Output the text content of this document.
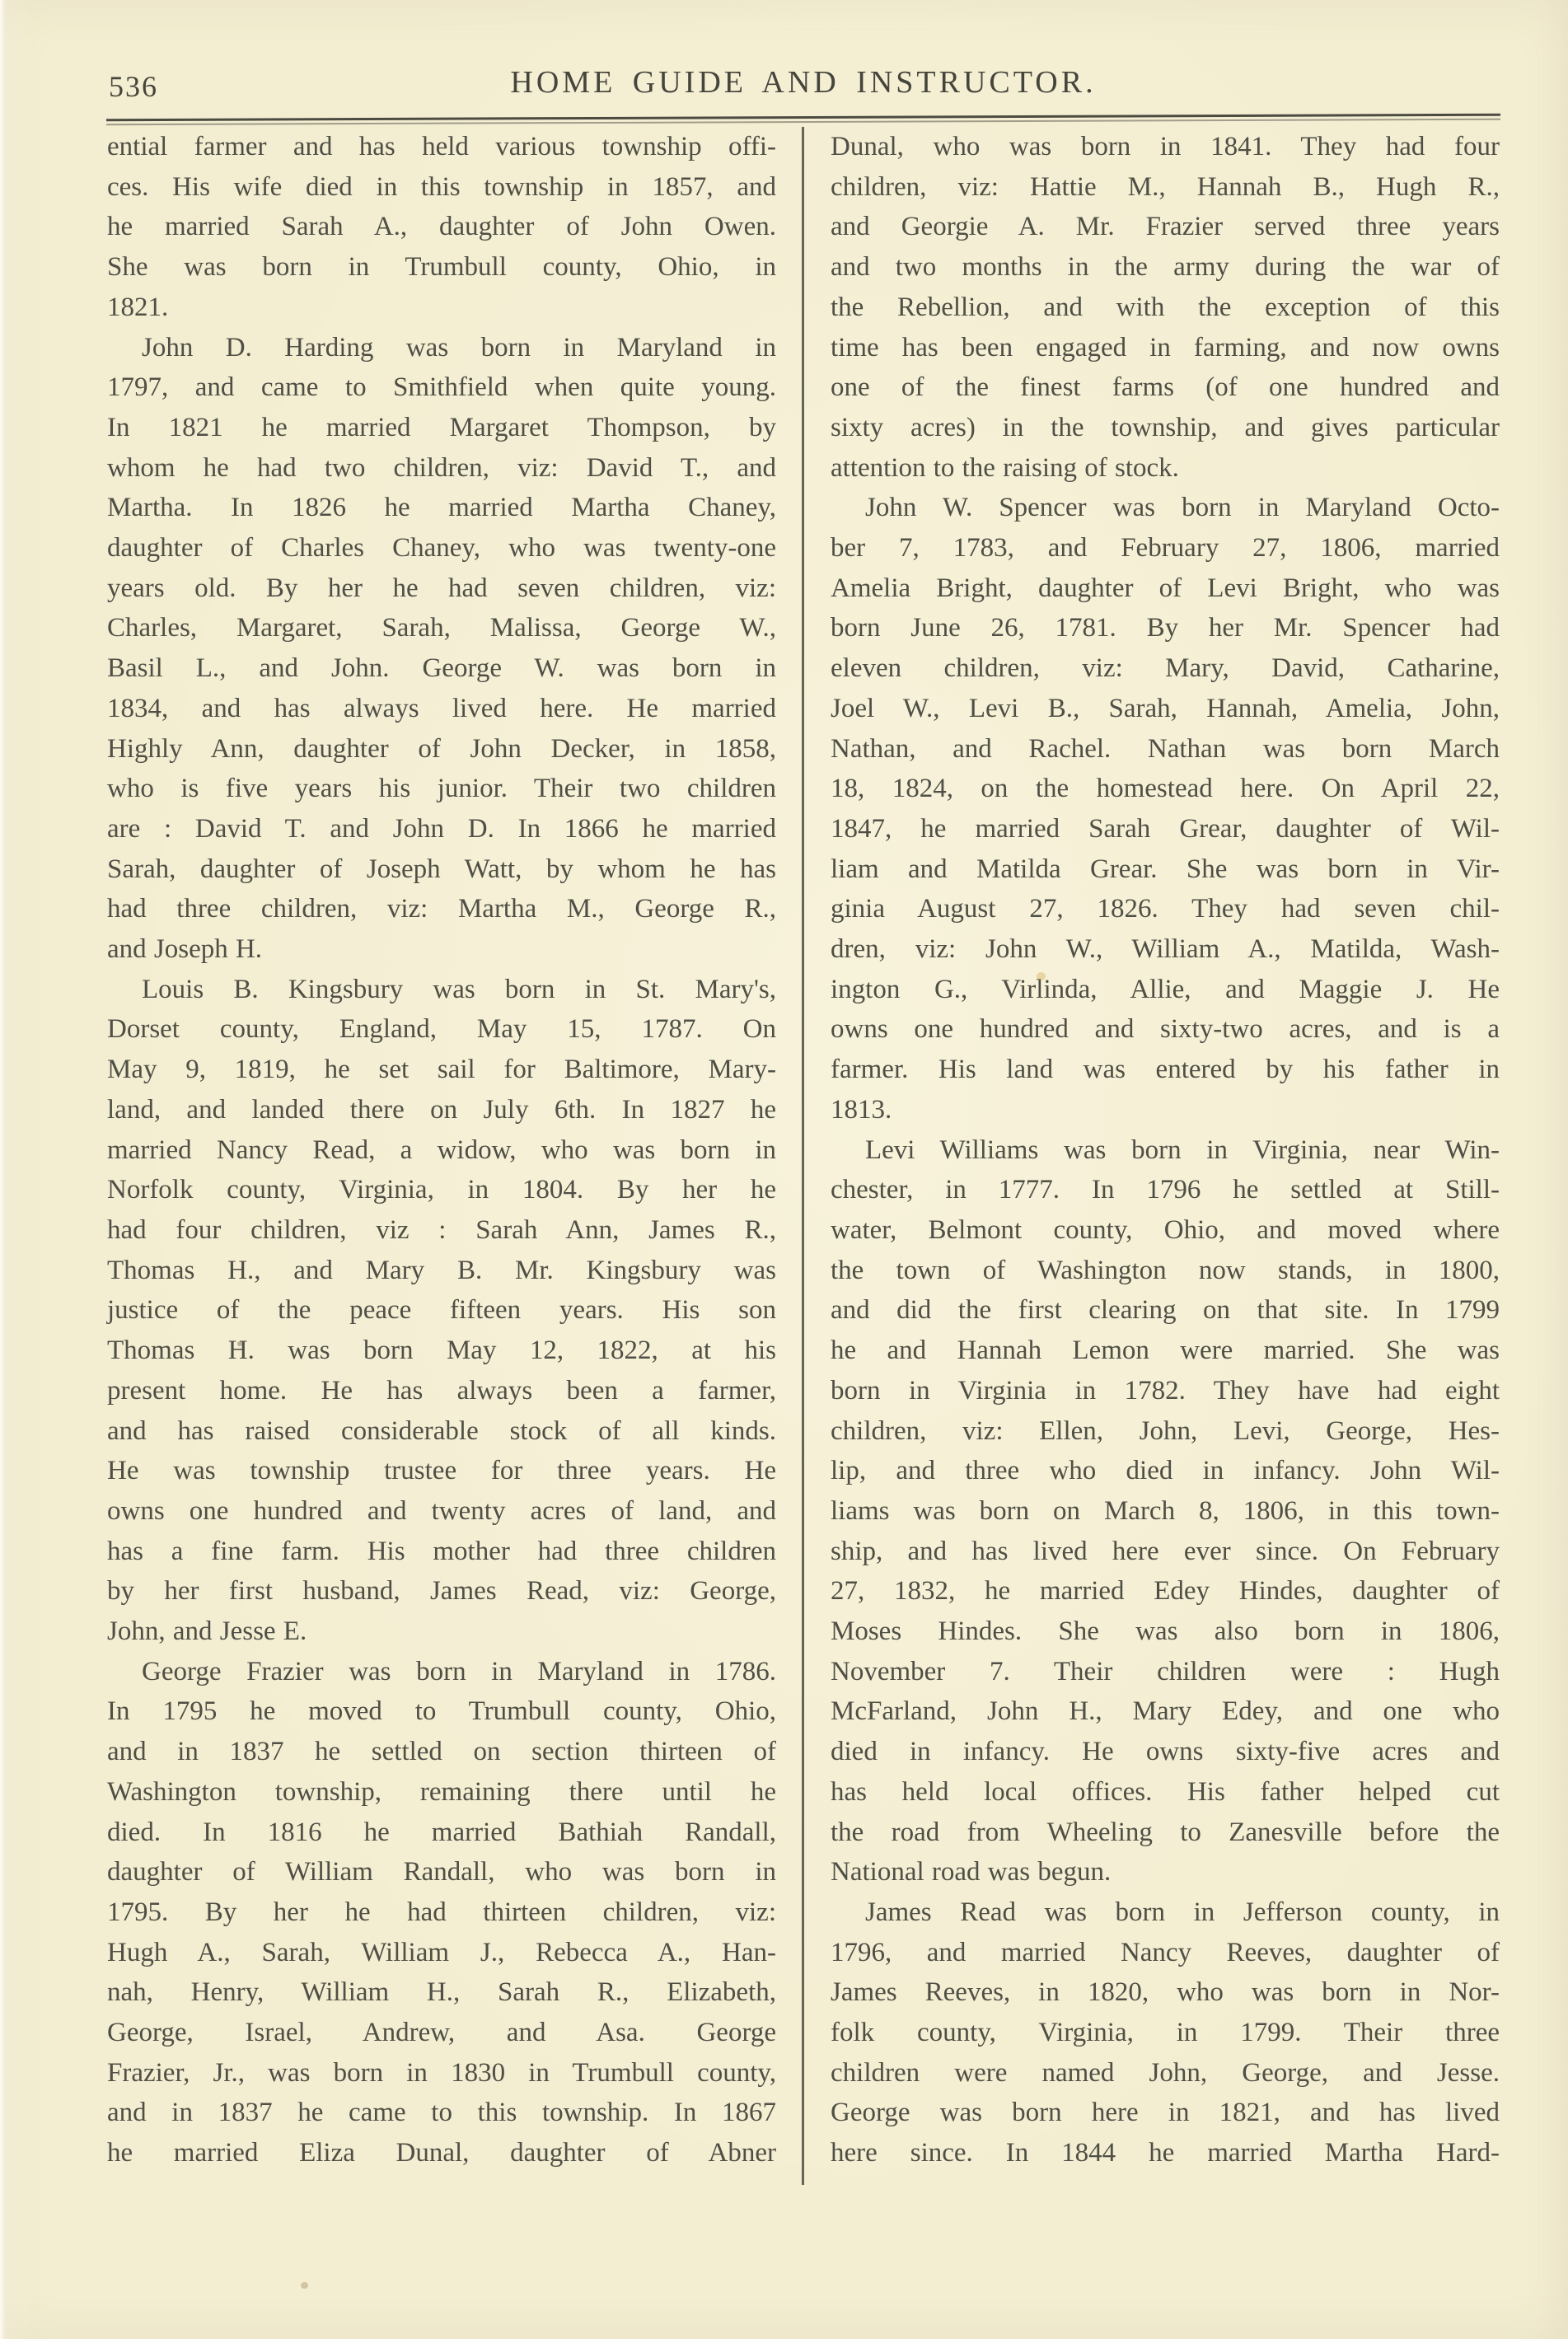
536	HOME GUIDE AND INSTRUCTOR.
ential farmer and has held various township offi-
ces. His wife died in this township in 1857, and
he married Sarah A., daughter of John Owen.
She was born in Trumbull county, Ohio, in
1821.
John D. Harding was born in Maryland in
1797, and came to Smithfield when quite young.
In 1821 he married Margaret Thompson, by
whom he had two children, viz: David T., and
Martha. In 1826 he married Martha Chaney,
daughter of Charles Chaney, who was twenty-one
years old. By her he had seven children, viz:
Charles, Margaret, Sarah, Malissa, George W.,
Basil L., and John. George W. was born in
1834, and has always lived here. He married
Highly Ann, daughter of John Decker, in 1858,
who is five years his junior. Their two children
are : David T. and John D. In 1866 he married
Sarah, daughter of Joseph Watt, by whom he has
had three children, viz: Martha M., George R.,
and Joseph H.
Louis B. Kingsbury was born in St. Mary's,
Dorset county, England, May 15, 1787. On
May 9, 1819, he set sail for Baltimore, Mary-
land, and landed there on July 6th. In 1827 he
married Nancy Read, a widow, who was born in
Norfolk county, Virginia, in 1804. By her he
had four children, viz : Sarah Ann, James R.,
Thomas H., and Mary B. Mr. Kingsbury was
justice of the peace fifteen years. His son
Thomas H. was born May 12, 1822, at his
present home. He has always been a farmer,
and has raised considerable stock of all kinds.
He was township trustee for three years. He
owns one hundred and twenty acres of land, and
has a fine farm. His mother had three children
by her first husband, James Read, viz: George,
John, and Jesse E.
George Frazier was born in Maryland in 1786.
In 1795 he moved to Trumbull county, Ohio,
and in 1837 he settled on section thirteen of
Washington township, remaining there until he
died. In 1816 he married Bathiah Randall,
daughter of William Randall, who was born in
1795. By her he had thirteen children, viz:
Hugh A., Sarah, William J., Rebecca A., Han-
nah, Henry, William H., Sarah R., Elizabeth,
George, Israel, Andrew, and Asa. George
Frazier, Jr., was born in 1830 in Trumbull county,
and in 1837 he came to this township. In 1867
he married Eliza Dunal, daughter of Abner
Dunal, who was born in 1841. They had four
children, viz: Hattie M., Hannah B., Hugh R.,
and Georgie A. Mr. Frazier served three years
and two months in the army during the war of
the Rebellion, and with the exception of this
time has been engaged in farming, and now owns
one of the finest farms (of one hundred and
sixty acres) in the township, and gives particular
attention to the raising of stock.
John W. Spencer was born in Maryland Octo-
ber 7, 1783, and February 27, 1806, married
Amelia Bright, daughter of Levi Bright, who was
born June 26, 1781. By her Mr. Spencer had
eleven children, viz: Mary, David, Catharine,
Joel W., Levi B., Sarah, Hannah, Amelia, John,
Nathan, and Rachel. Nathan was born March
18, 1824, on the homestead here. On April 22,
1847, he married Sarah Grear, daughter of Wil-
liam and Matilda Grear. She was born in Vir-
ginia August 27, 1826. They had seven chil-
dren, viz: John W., William A., Matilda, Wash-
ington G., Virlinda, Allie, and Maggie J. He
owns one hundred and sixty-two acres, and is a
farmer. His land was entered by his father in
1813.
Levi Williams was born in Virginia, near Win-
chester, in 1777. In 1796 he settled at Still-
water, Belmont county, Ohio, and moved where
the town of Washington now stands, in 1800,
and did the first clearing on that site. In 1799
he and Hannah Lemon were married. She was
born in Virginia in 1782. They have had eight
children, viz: Ellen, John, Levi, George, Hes-
lip, and three who died in infancy. John Wil-
liams was born on March 8, 1806, in this town-
ship, and has lived here ever since. On February
27, 1832, he married Edey Hindes, daughter of
Moses Hindes. She was also born in 1806,
November 7. Their children were : Hugh
McFarland, John H., Mary Edey, and one who
died in infancy. He owns sixty-five acres and
has held local offices. His father helped cut
the road from Wheeling to Zanesville before the
National road was begun.
James Read was born in Jefferson county, in
1796, and married Nancy Reeves, daughter of
James Reeves, in 1820, who was born in Nor-
folk county, Virginia, in 1799. Their three
children were named John, George, and Jesse.
George was born here in 1821, and has lived
here since. In 1844 he married Martha Hard-
